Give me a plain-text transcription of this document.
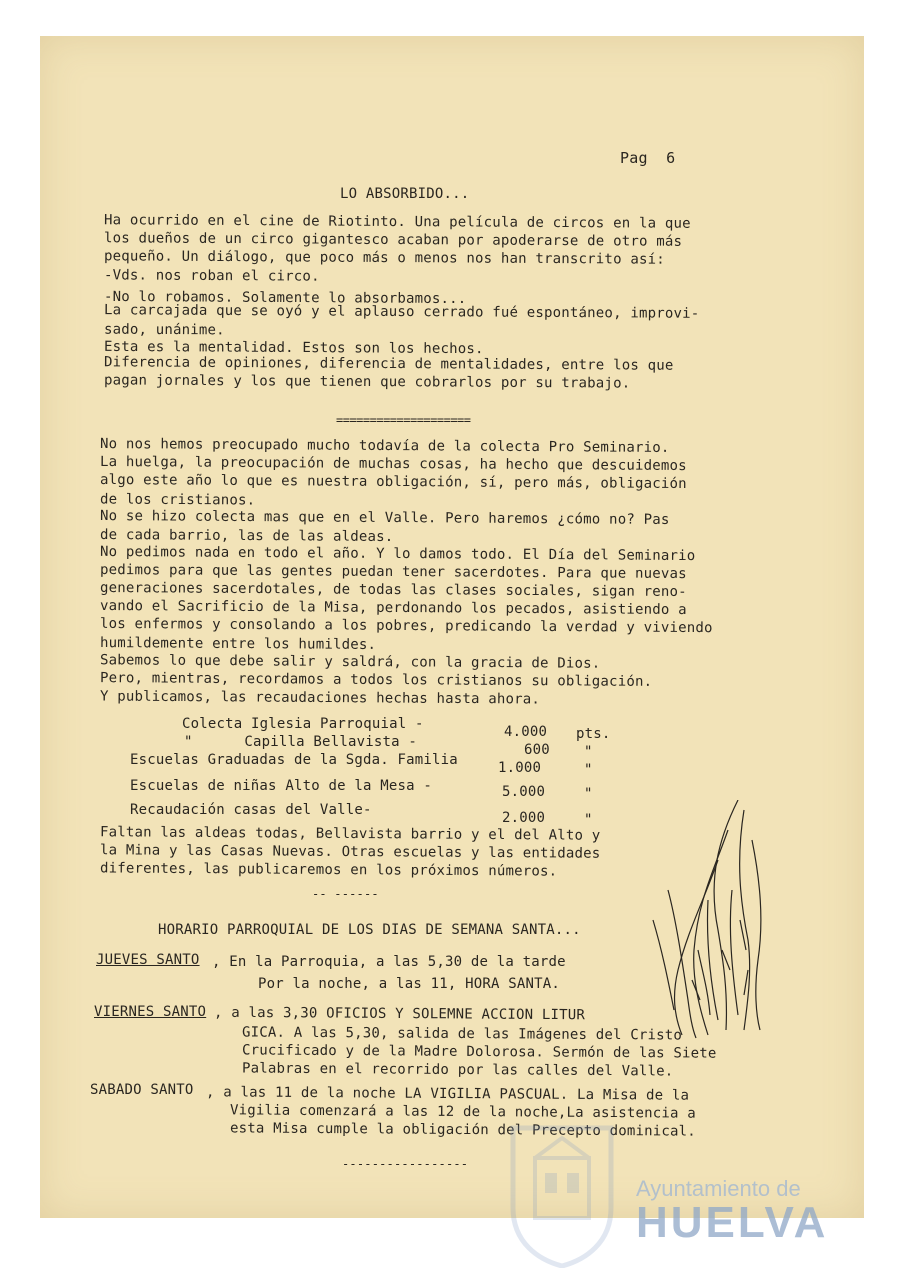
Pag  6
LO ABSORBIDO...
Ha ocurrido en el cine de Riotinto. Una película de circos en la que
los dueños de un circo gigantesco acaban por apoderarse de otro más
pequeño. Un diálogo, que poco más o menos nos han transcrito así:
-Vds. nos roban el circo.
-No lo robamos. Solamente lo absorbamos...
La carcajada que se oyó y el aplauso cerrado fué espontáneo, improvi-
sado, unánime.
Esta es la mentalidad. Estos son los hechos.
Diferencia de opiniones, diferencia de mentalidades, entre los que
pagan jornales y los que tienen que cobrarlos por su trabajo.
====================
No nos hemos preocupado mucho todavía de la colecta Pro Seminario.
La huelga, la preocupación de muchas cosas, ha hecho que descuidemos
algo este año lo que es nuestra obligación, sí, pero más, obligación
de los cristianos.
No se hizo colecta mas que en el Valle. Pero haremos ¿cómo no? Pas
de cada barrio, las de las aldeas.
No pedimos nada en todo el año. Y lo damos todo. El Día del Seminario
pedimos para que las gentes puedan tener sacerdotes. Para que nuevas
generaciones sacerdotales, de todas las clases sociales, sigan reno-
vando el Sacrificio de la Misa, perdonando los pecados, asistiendo a
los enfermos y consolando a los pobres, predicando la verdad y viviendo
humildemente entre los humildes.
Sabemos lo que debe salir y saldrá, con la gracia de Dios.
Pero, mientras, recordamos a todos los cristianos su obligación.
Y publicamos, las recaudaciones hechas hasta ahora.
Colecta Iglesia Parroquial -	4.000 pts.
"      Capilla Bellavista -	600 "
Escuelas Graduadas de la Sgda. Familia	1.000	"
Escuelas de niñas Alto de la Mesa -	5.000	"
Recaudación casas del Valle-	2.000	"
Faltan las aldeas todas, Bellavista barrio y el del Alto y
la Mina y las Casas Nuevas. Otras escuelas y las entidades
diferentes, las publicaremos en los próximos números.
-- ------
HORARIO PARROQUIAL DE LOS DIAS DE SEMANA SANTA...
JUEVES SANTO , En la Parroquia, a las 5,30 de la tarde
Por la noche, a las 11, HORA SANTA.
VIERNES SANTO , a las 3,30 OFICIOS Y SOLEMNE ACCION LITUR
GICA. A las 5,30, salida de las Imágenes del Cristo
Crucificado y de la Madre Dolorosa. Sermón de las Siete
Palabras en el recorrido por las calles del Valle.
SABADO SANTO , a las 11 de la noche LA VIGILIA PASCUAL. La Misa de la
Vigilia comenzará a las 12 de la noche,La asistencia a
esta Misa cumple la obligación del Precepto dominical.
-----------------
Ayuntamiento de
HUELVA
